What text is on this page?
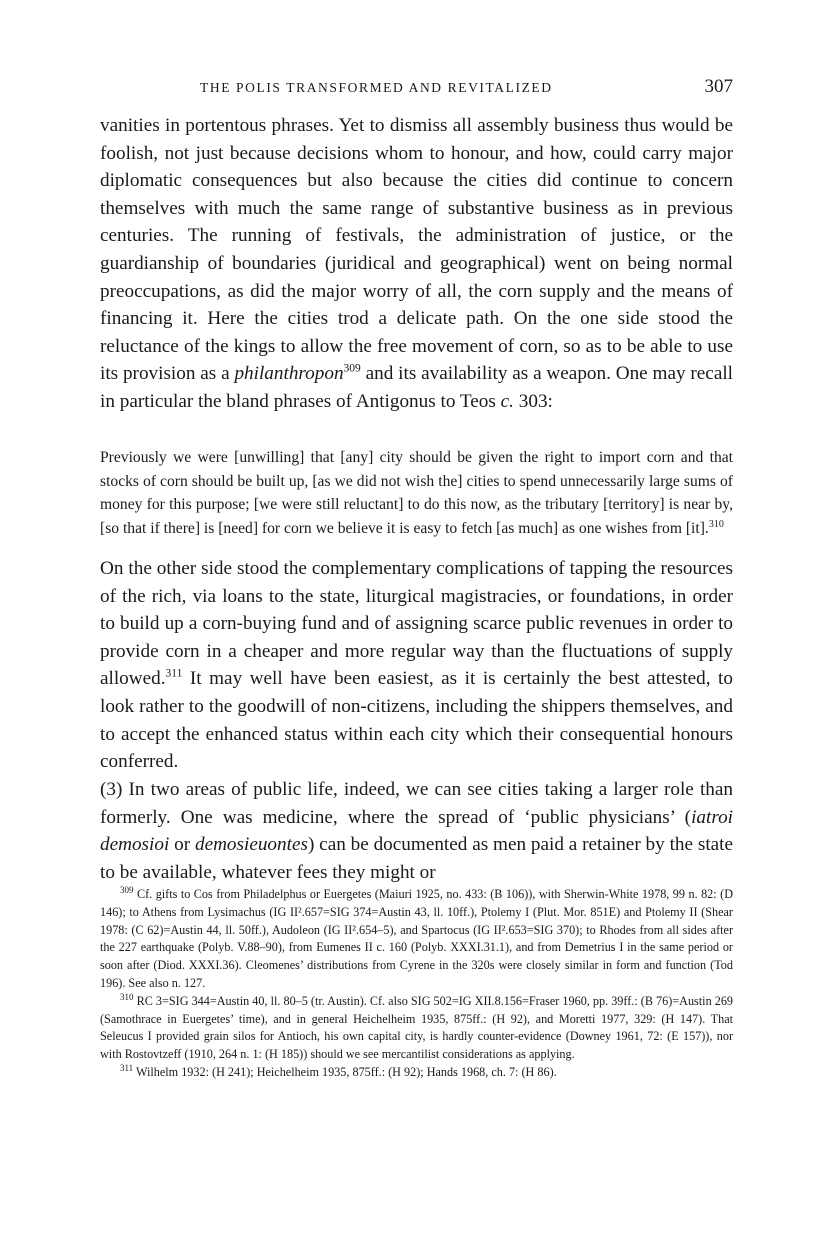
THE POLIS TRANSFORMED AND REVITALIZED	307

vanities in portentous phrases. Yet to dismiss all assembly business thus would be foolish, not just because decisions whom to honour, and how, could carry major diplomatic consequences but also because the cities did continue to concern themselves with much the same range of substantive business as in previous centuries. The running of festivals, the administration of justice, or the guardianship of boundaries (juridical and geographical) went on being normal preoccupations, as did the major worry of all, the corn supply and the means of financing it. Here the cities trod a delicate path. On the one side stood the reluctance of the kings to allow the free movement of corn, so as to be able to use its provision as a philanthropon$^{309}$ and its availability as a weapon. One may recall in particular the bland phrases of Antigonus to Teos c. 303:

Previously we were [unwilling] that [any] city should be given the right to import corn and that stocks of corn should be built up, [as we did not wish the] cities to spend unnecessarily large sums of money for this purpose; [we were still reluctant] to do this now, as the tributary [territory] is near by, [so that if there] is [need] for corn we believe it is easy to fetch [as much] as one wishes from [it].$^{310}$

On the other side stood the complementary complications of tapping the resources of the rich, via loans to the state, liturgical magistracies, or foundations, in order to build up a corn-buying fund and of assigning scarce public revenues in order to provide corn in a cheaper and more regular way than the fluctuations of supply allowed.$^{311}$ It may well have been easiest, as it is certainly the best attested, to look rather to the goodwill of non-citizens, including the shippers themselves, and to accept the enhanced status within each city which their consequential honours conferred.

(3) In two areas of public life, indeed, we can see cities taking a larger role than formerly. One was medicine, where the spread of ‘public physicians’ (iatroi demosioi or demosieuontes) can be documented as men paid a retainer by the state to be available, whatever fees they might or

$^{309}$ Cf. gifts to Cos from Philadelphus or Euergetes (Maiuri 1925, no. 433: (B 106)), with Sherwin-White 1978, 99 n. 82: (D 146); to Athens from Lysimachus (IG II².657=SIG 374=Austin 43, ll. 10ff.), Ptolemy I (Plut. Mor. 851E) and Ptolemy II (Shear 1978: (C 62)=Austin 44, ll. 50ff.), Audoleon (IG II².654–5), and Spartocus (IG II².653=SIG 370); to Rhodes from all sides after the 227 earthquake (Polyb. V.88–90), from Eumenes II c. 160 (Polyb. XXXI.31.1), and from Demetrius I in the same period or soon after (Diod. XXXI.36). Cleomenes’ distributions from Cyrene in the 320s were closely similar in form and function (Tod 196). See also n. 127.

$^{310}$ RC 3=SIG 344=Austin 40, ll. 80–5 (tr. Austin). Cf. also SIG 502=IG XII.8.156=Fraser 1960, pp. 39ff.: (B 76)=Austin 269 (Samothrace in Euergetes’ time), and in general Heichelheim 1935, 875ff.: (H 92), and Moretti 1977, 329: (H 147). That Seleucus I provided grain silos for Antioch, his own capital city, is hardly counter-evidence (Downey 1961, 72: (E 157)), nor with Rostovtzeff (1910, 264 n. 1: (H 185)) should we see mercantilist considerations as applying.

$^{311}$ Wilhelm 1932: (H 241); Heichelheim 1935, 875ff.: (H 92); Hands 1968, ch. 7: (H 86).
